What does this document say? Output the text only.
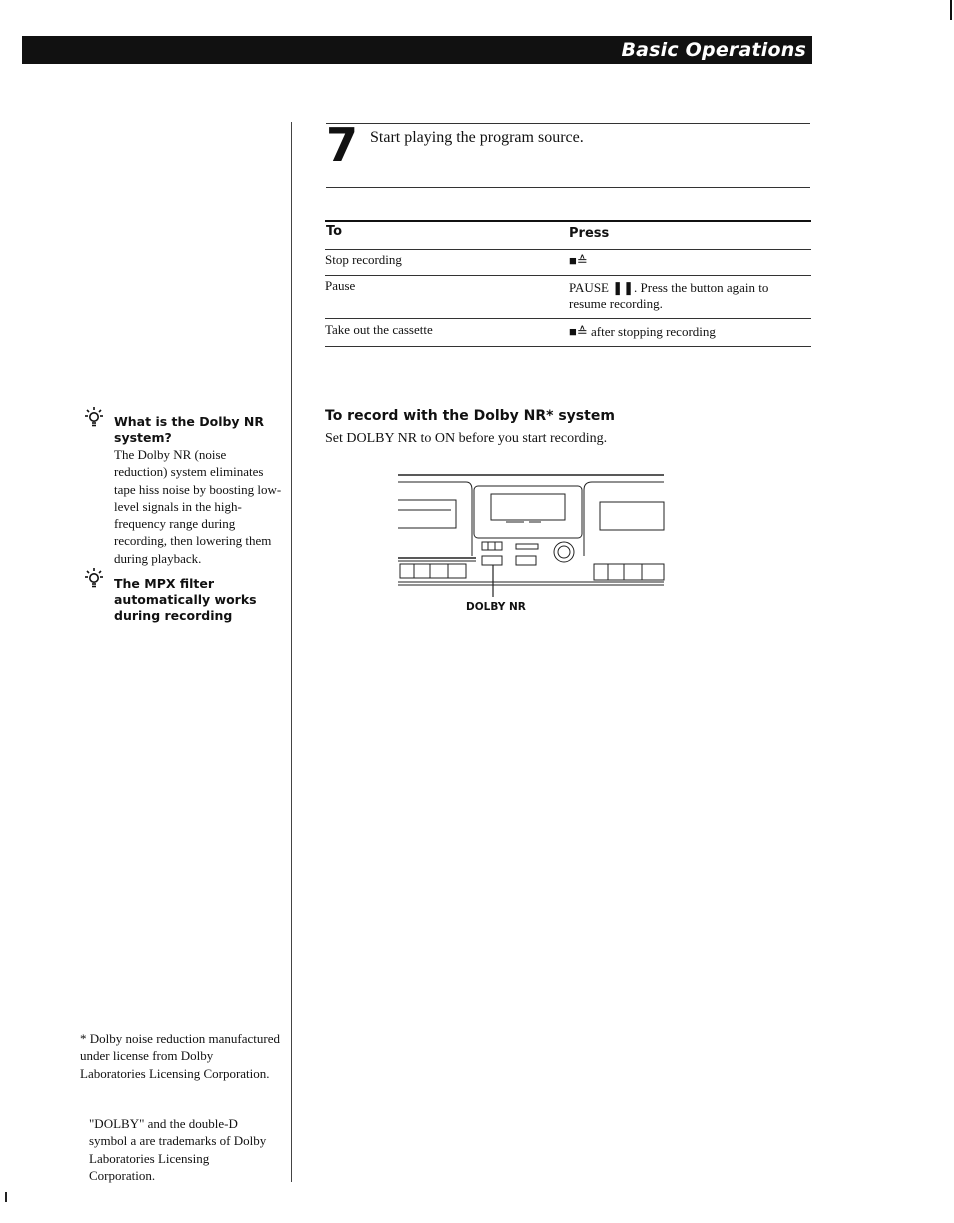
Basic Operations
7 Start playing the program source.
To	Press
Stop recording	■≙
Pause	PAUSE ❚❚. Press the button again to resume recording.
Take out the cassette	■≙ after stopping recording
What is the Dolby NR system?
The Dolby NR (noise reduction) system eliminates tape hiss noise by boosting low-level signals in the high-frequency range during recording, then lowering them during playback.
The MPX filter automatically works during recording
To record with the Dolby NR* system
Set DOLBY NR to ON before you start recording.
DOLBY NR
* Dolby noise reduction manufactured under license from Dolby Laboratories Licensing Corporation.
"DOLBY" and the double-D symbol a are trademarks of Dolby Laboratories Licensing Corporation.
